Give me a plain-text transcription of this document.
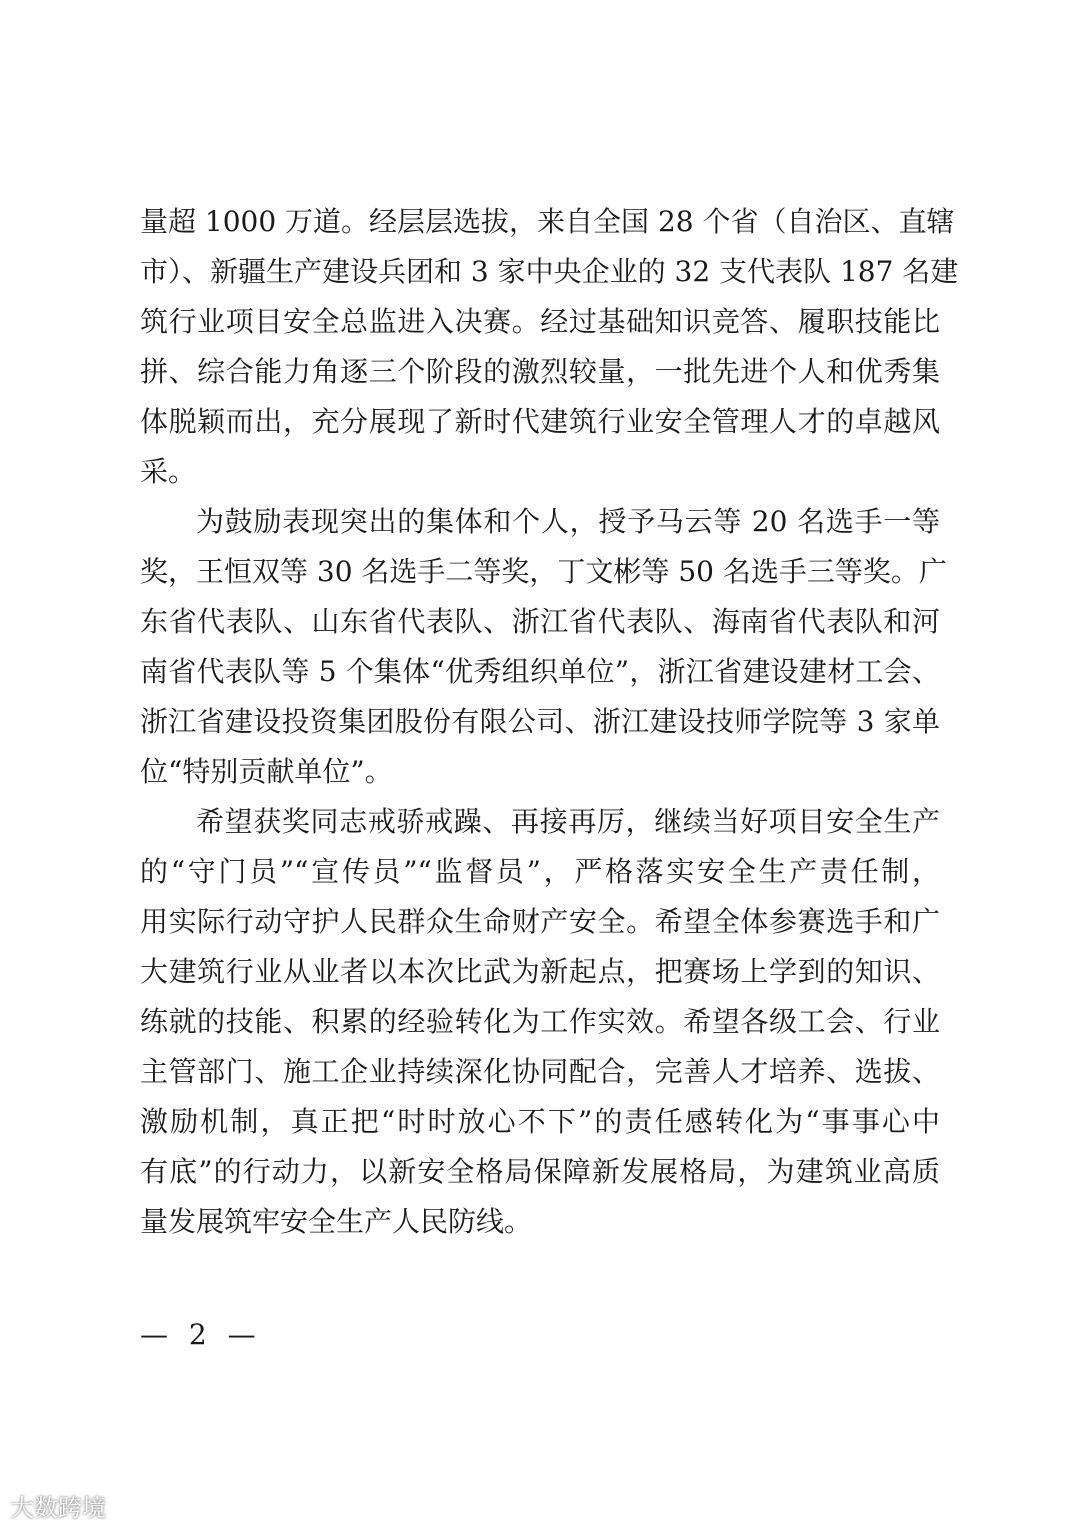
量超 1000 万道。经层层选拔，来自全国 28 个省（自治区、直辖
市）、新疆生产建设兵团和 3 家中央企业的 32 支代表队 187 名建
筑行业项目安全总监进入决赛。经过基础知识竞答、履职技能比
拼、综合能力角逐三个阶段的激烈较量，一批先进个人和优秀集
体脱颖而出，充分展现了新时代建筑行业安全管理人才的卓越风
采。
为鼓励表现突出的集体和个人，授予马云等 20 名选手一等
奖，王恒双等 30 名选手二等奖，丁文彬等 50 名选手三等奖。广
东省代表队、山东省代表队、浙江省代表队、海南省代表队和河
南省代表队等 5 个集体“优秀组织单位”，浙江省建设建材工会、
浙江省建设投资集团股份有限公司、浙江建设技师学院等 3 家单
位“特别贡献单位”。
希望获奖同志戒骄戒躁、再接再厉，继续当好项目安全生产
的“守门员”“宣传员”“监督员”，严格落实安全生产责任制，
用实际行动守护人民群众生命财产安全。希望全体参赛选手和广
大建筑行业从业者以本次比武为新起点，把赛场上学到的知识、
练就的技能、积累的经验转化为工作实效。希望各级工会、行业
主管部门、施工企业持续深化协同配合，完善人才培养、选拔、
激励机制，真正把“时时放心不下”的责任感转化为“事事心中
有底”的行动力，以新安全格局保障新发展格局，为建筑业高质
量发展筑牢安全生产人民防线。
— 2 —
大数跨境
